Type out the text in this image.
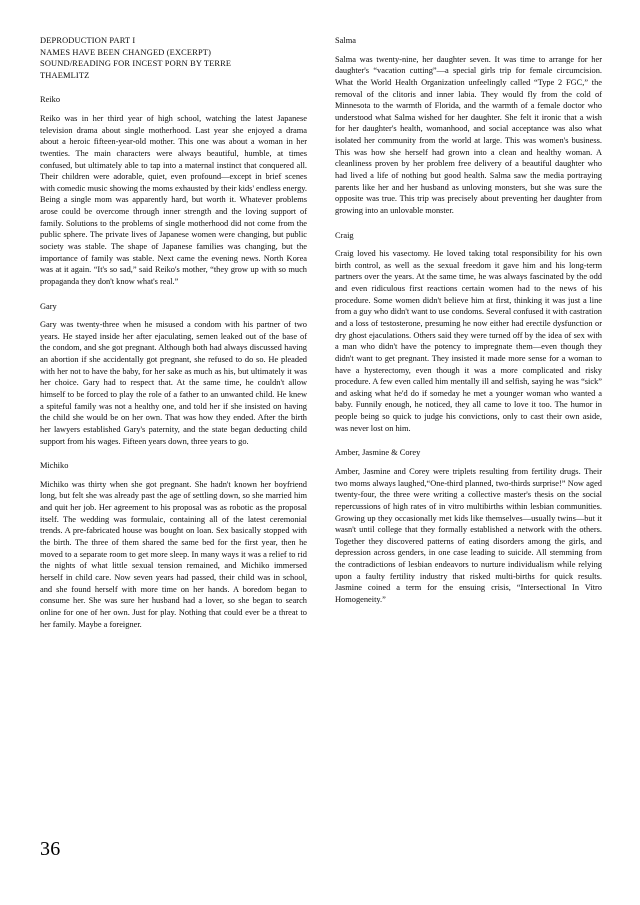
DEPRODUCTION PART I
NAMES HAVE BEEN CHANGED (EXCERPT)
SOUND/READING FOR INCEST PORN BY TERRE
THAEMLITZ
Reiko

Reiko was in her third year of high school, watching the latest Japanese television drama about single motherhood. Last year she enjoyed a drama about a heroic fifteen-year-old mother. This one was about a woman in her twenties. The main characters were always beautiful, humble, at times confused, but ultimately able to tap into a maternal instinct that conquered all. Their children were adorable, quiet, even profound—except in brief scenes with comedic music showing the moms exhausted by their kids' endless energy. Being a single mom was apparently hard, but worth it. Whatever problems arose could be overcome through inner strength and the loving support of family. Solutions to the problems of single motherhood did not come from the public sphere. The private lives of Japanese women were changing, but public society was stable. The shape of Japanese families was changing, but the importance of family was stable. Next came the evening news. North Korea was at it again. “It's so sad,” said Reiko's mother, “they grow up with so much propaganda they don't know what's real.”

Gary

Gary was twenty-three when he misused a condom with his partner of two years. He stayed inside her after ejaculating, semen leaked out of the base of the condom, and she got pregnant. Although both had always discussed having an abortion if she accidentally got pregnant, she refused to do so. He pleaded with her not to have the baby, for her sake as much as his, but ultimately it was her choice. Gary had to respect that. At the same time, he couldn't allow himself to be forced to play the role of a father to an unwanted child. He knew a spiteful family was not a healthy one, and told her if she insisted on having the child she would be on her own. That was how they ended. After the birth her lawyers established Gary's paternity, and the state began deducting child support from his wages. Fifteen years down, three years to go.

Michiko

Michiko was thirty when she got pregnant. She hadn't known her boyfriend long, but felt she was already past the age of settling down, so she married him and quit her job. Her agreement to his proposal was as robotic as the proposal itself. The wedding was formulaic, containing all of the latest ceremonial trends. A pre-fabricated house was bought on loan. Sex basically stopped with the birth. The three of them shared the same bed for the first year, then he moved to a separate room to get more sleep. In many ways it was a relief to rid the nights of what little sexual tension remained, and Michiko immersed herself in child care. Now seven years had passed, their child was in school, and she found herself with more time on her hands. A boredom began to consume her. She was sure her husband had a lover, so she began to search online for one of her own. Just for play. Nothing that could ever be a threat to her family. Maybe a foreigner.

Salma

Salma was twenty-nine, her daughter seven. It was time to arrange for her daughter's “vacation cutting”—a special girls trip for female circumcision. What the World Health Organization unfeelingly called “Type 2 FGC,” the removal of the clitoris and inner labia. They would fly from the cold of Minnesota to the warmth of Florida, and the warmth of a female doctor who understood what Salma wished for her daughter. She felt it ironic that a wish for her daughter's health, womanhood, and social acceptance was also what isolated her community from the world at large. This was women's business. This was how she herself had grown into a clean and healthy woman. A cleanliness proven by her problem free delivery of a beautiful daughter who had lived a life of nothing but good health. Salma saw the media portraying parents like her and her husband as unloving monsters, but she was sure the opposite was true. This trip was precisely about preventing her daughter from growing into an unlovable monster.

Craig

Craig loved his vasectomy. He loved taking total responsibility for his own birth control, as well as the sexual freedom it gave him and his long-term partners over the years. At the same time, he was always fascinated by the odd and even ridiculous first reactions certain women had to the news of his procedure. Some women didn't believe him at first, thinking it was just a line from a guy who didn't want to use condoms. Several confused it with castration and a loss of testosterone, presuming he now either had erectile dysfunction or dry ghost ejaculations. Others said they were turned off by the idea of sex with a man who didn't have the potency to impregnate them—even though they didn't want to get pregnant. They insisted it made more sense for a woman to have a hysterectomy, even though it was a more complicated and risky procedure. A few even called him mentally ill and selfish, saying he was “sick” and asking what he'd do if someday he met a younger woman who wanted a baby. Funnily enough, he noticed, they all came to love it too. The humor in people being so quick to judge his convictions, only to cast their own aside, was never lost on him.

Amber, Jasmine & Corey

Amber, Jasmine and Corey were triplets resulting from fertility drugs. Their two moms always laughed,“One-third planned, two-thirds surprise!” Now aged twenty-four, the three were writing a collective master's thesis on the social repercussions of high rates of in vitro multibirths within lesbian communities. Growing up they occasionally met kids like themselves—usually twins—but it wasn't until college that they formally established a network with the others. Together they discovered patterns of eating disorders among the girls, and depression across genders, in one case leading to suicide. All stemming from the contradictions of lesbian endeavors to nurture individualism while relying upon a faulty fertility industry that risked multi-births for quick results. Jasmine coined a term for the ensuing crisis, “Intersectional In Vitro Homogeneity.”

36
